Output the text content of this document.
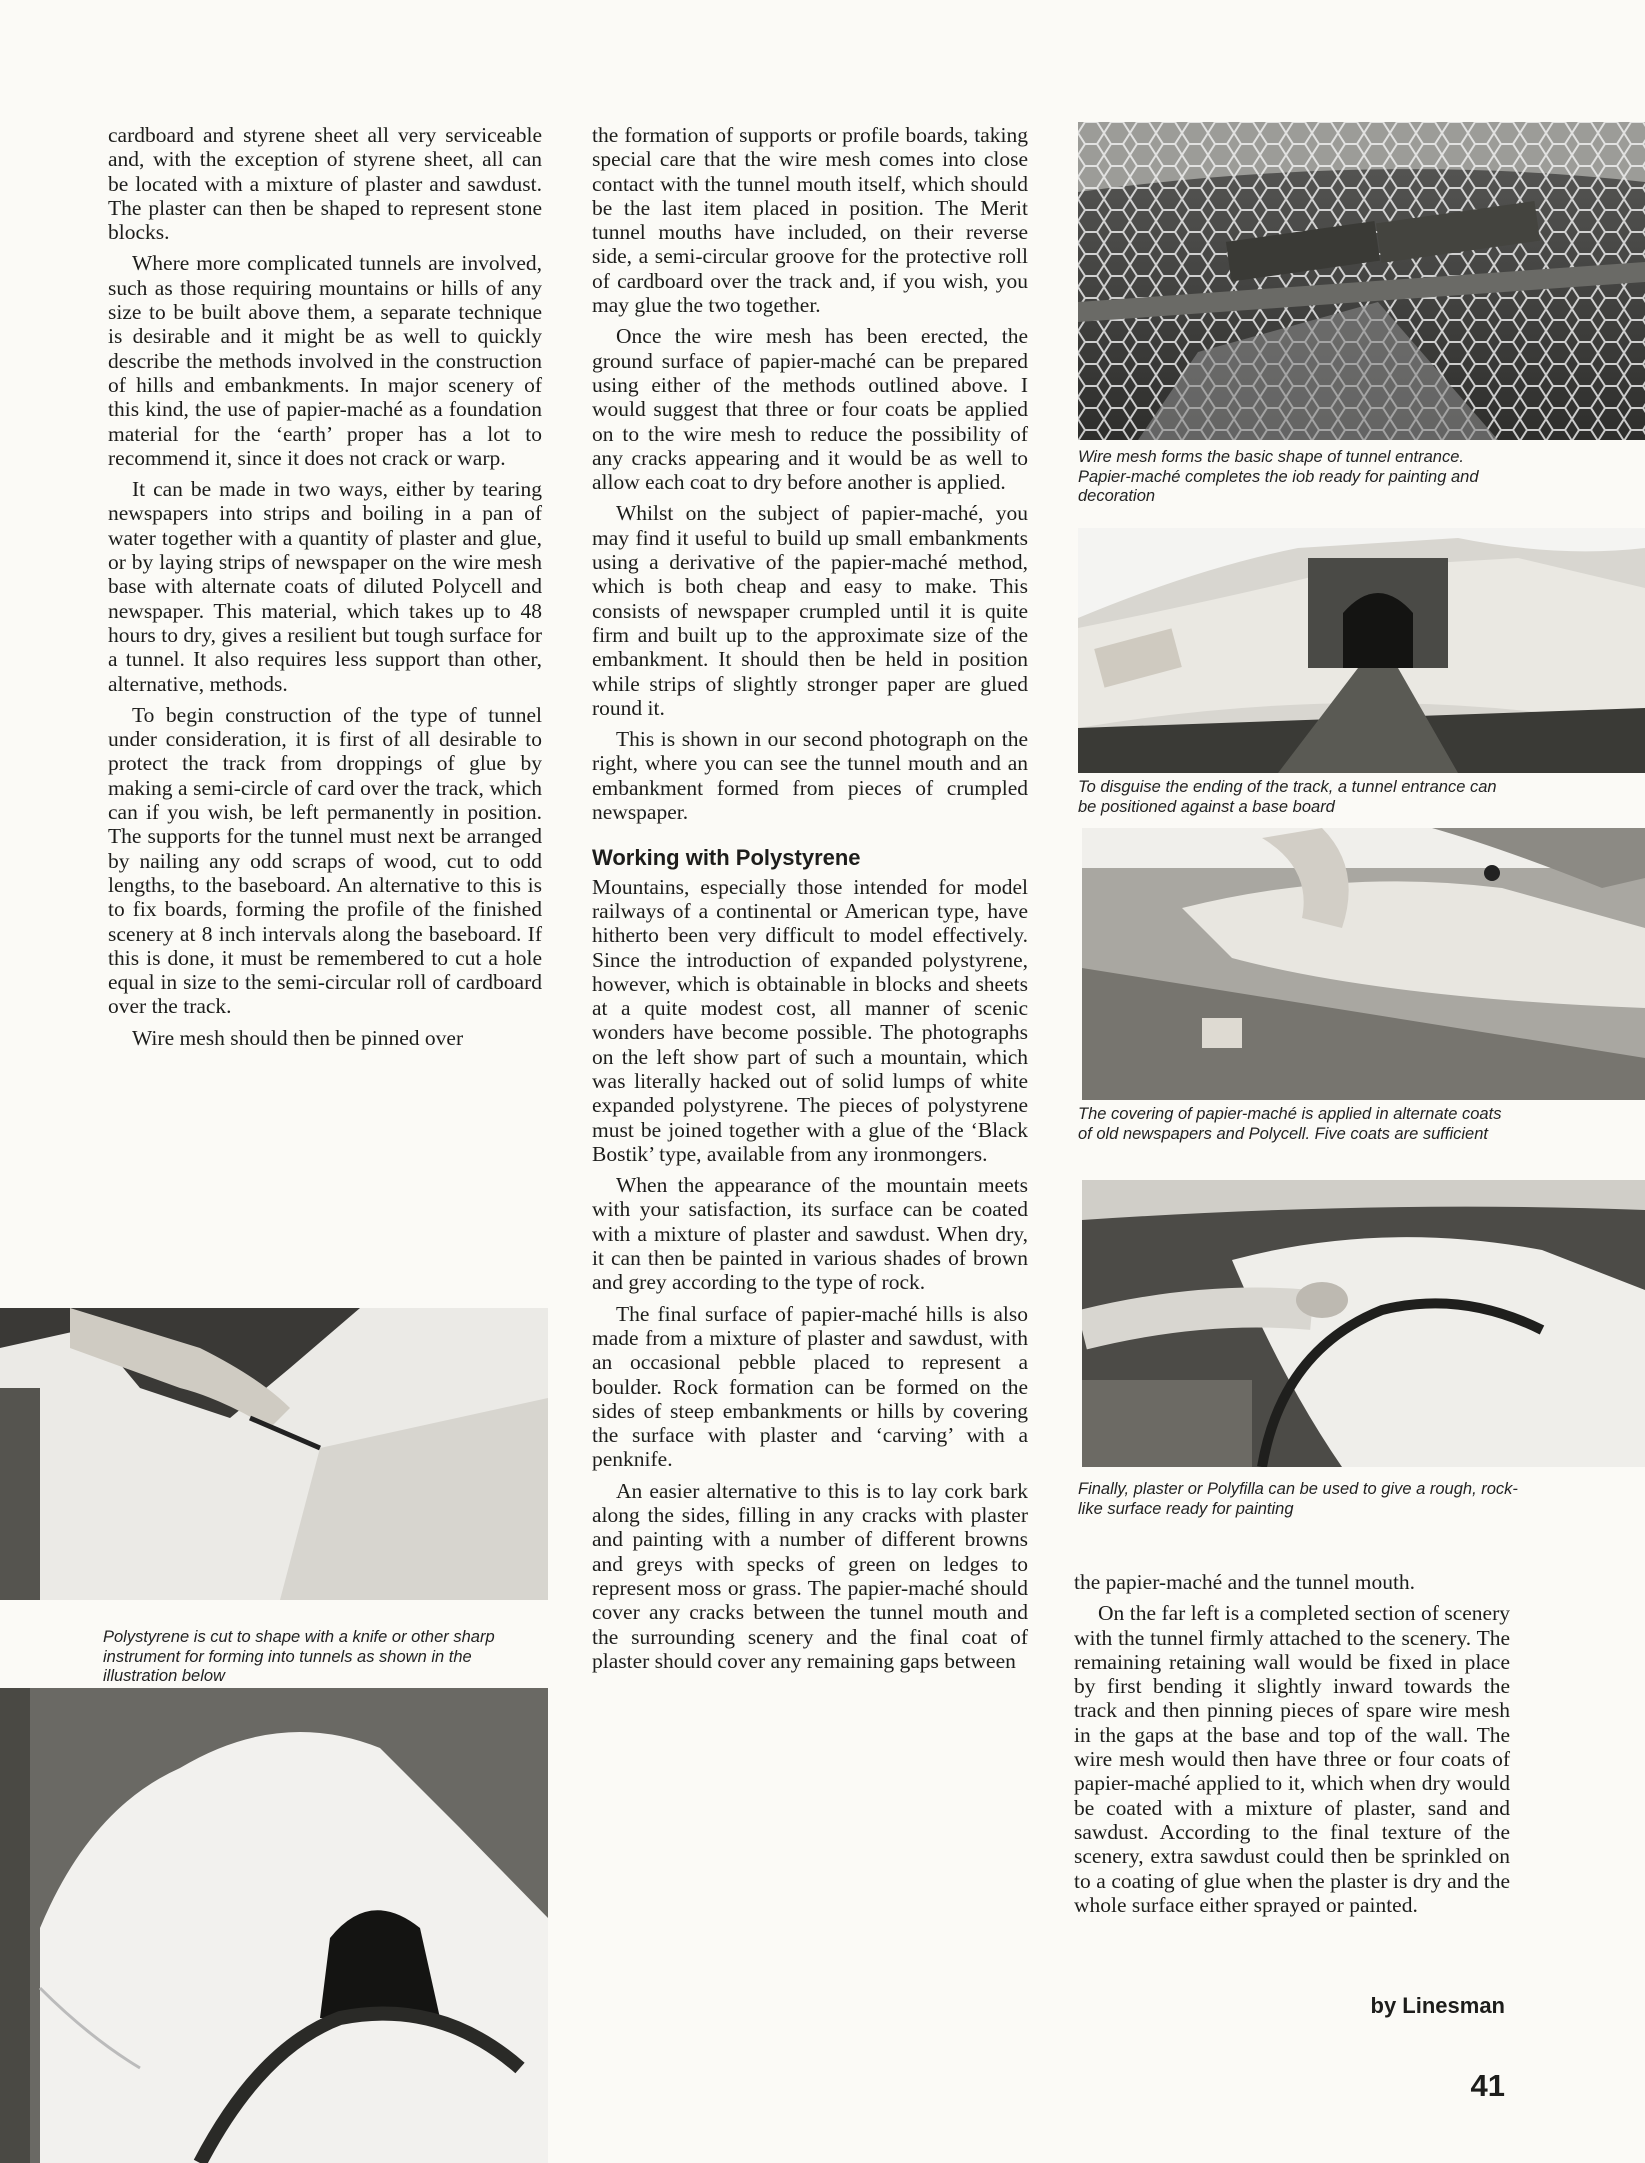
cardboard and styrene sheet all very serviceable and, with the exception of styrene sheet, all can be located with a mixture of plaster and sawdust. The plaster can then be shaped to represent stone blocks.

Where more complicated tunnels are involved, such as those requiring mountains or hills of any size to be built above them, a separate technique is desirable and it might be as well to quickly describe the methods involved in the construction of hills and embankments. In major scenery of this kind, the use of papier-maché as a foundation material for the ‘earth’ proper has a lot to recommend it, since it does not crack or warp.

It can be made in two ways, either by tearing newspapers into strips and boiling in a pan of water together with a quantity of plaster and glue, or by laying strips of newspaper on the wire mesh base with alternate coats of diluted Polycell and newspaper. This material, which takes up to 48 hours to dry, gives a resilient but tough surface for a tunnel. It also requires less support than other, alternative, methods.

To begin construction of the type of tunnel under consideration, it is first of all desirable to protect the track from droppings of glue by making a semi-circle of card over the track, which can if you wish, be left permanently in position. The supports for the tunnel must next be arranged by nailing any odd scraps of wood, cut to odd lengths, to the baseboard. An alternative to this is to fix boards, forming the profile of the finished scenery at 8 inch intervals along the baseboard. If this is done, it must be remembered to cut a hole equal in size to the semi-circular roll of cardboard over the track.

Wire mesh should then be pinned over

the formation of supports or profile boards, taking special care that the wire mesh comes into close contact with the tunnel mouth itself, which should be the last item placed in position. The Merit tunnel mouths have included, on their reverse side, a semi-circular groove for the protective roll of cardboard over the track and, if you wish, you may glue the two together.

Once the wire mesh has been erected, the ground surface of papier-maché can be prepared using either of the methods outlined above. I would suggest that three or four coats be applied on to the wire mesh to reduce the possibility of any cracks appearing and it would be as well to allow each coat to dry before another is applied.

Whilst on the subject of papier-maché, you may find it useful to build up small embankments using a derivative of the papier-maché method, which is both cheap and easy to make. This consists of newspaper crumpled until it is quite firm and built up to the approximate size of the embankment. It should then be held in position while strips of slightly stronger paper are glued round it.

This is shown in our second photograph on the right, where you can see the tunnel mouth and an embankment formed from pieces of crumpled newspaper.

Working with Polystyrene

Mountains, especially those intended for model railways of a continental or American type, have hitherto been very difficult to model effectively. Since the introduction of expanded polystyrene, however, which is obtainable in blocks and sheets at a quite modest cost, all manner of scenic wonders have become possible. The photographs on the left show part of such a mountain, which was literally hacked out of solid lumps of white expanded polystyrene. The pieces of polystyrene must be joined together with a glue of the ‘Black Bostik’ type, available from any ironmongers.

When the appearance of the mountain meets with your satisfaction, its surface can be coated with a mixture of plaster and sawdust. When dry, it can then be painted in various shades of brown and grey according to the type of rock.

The final surface of papier-maché hills is also made from a mixture of plaster and sawdust, with an occasional pebble placed to represent a boulder. Rock formation can be formed on the sides of steep embankments or hills by covering the surface with plaster and ‘carving’ with a penknife.

An easier alternative to this is to lay cork bark along the sides, filling in any cracks with plaster and painting with a number of different browns and greys with specks of green on ledges to represent moss or grass. The papier-maché should cover any cracks between the tunnel mouth and the surrounding scenery and the final coat of plaster should cover any remaining gaps between

the papier-maché and the tunnel mouth.

On the far left is a completed section of scenery with the tunnel firmly attached to the scenery. The remaining retaining wall would be fixed in place by first bending it slightly inward towards the track and then pinning pieces of spare wire mesh in the gaps at the base and top of the wall. The wire mesh would then have three or four coats of papier-maché applied to it, which when dry would be coated with a mixture of plaster, sand and sawdust. According to the final texture of the scenery, extra sawdust could then be sprinkled on to a coating of glue when the plaster is dry and the whole surface either sprayed or painted.

Wire mesh forms the basic shape of tunnel entrance. Papier-maché completes the iob ready for painting and decoration
To disguise the ending of the track, a tunnel entrance can be positioned against a base board
The covering of papier-maché is applied in alternate coats of old newspapers and Polycell. Five coats are sufficient
Finally, plaster or Polyfilla can be used to give a rough, rock-like surface ready for painting
Polystyrene is cut to shape with a knife or other sharp instrument for forming into tunnels as shown in the illustration below
by Linesman
41
